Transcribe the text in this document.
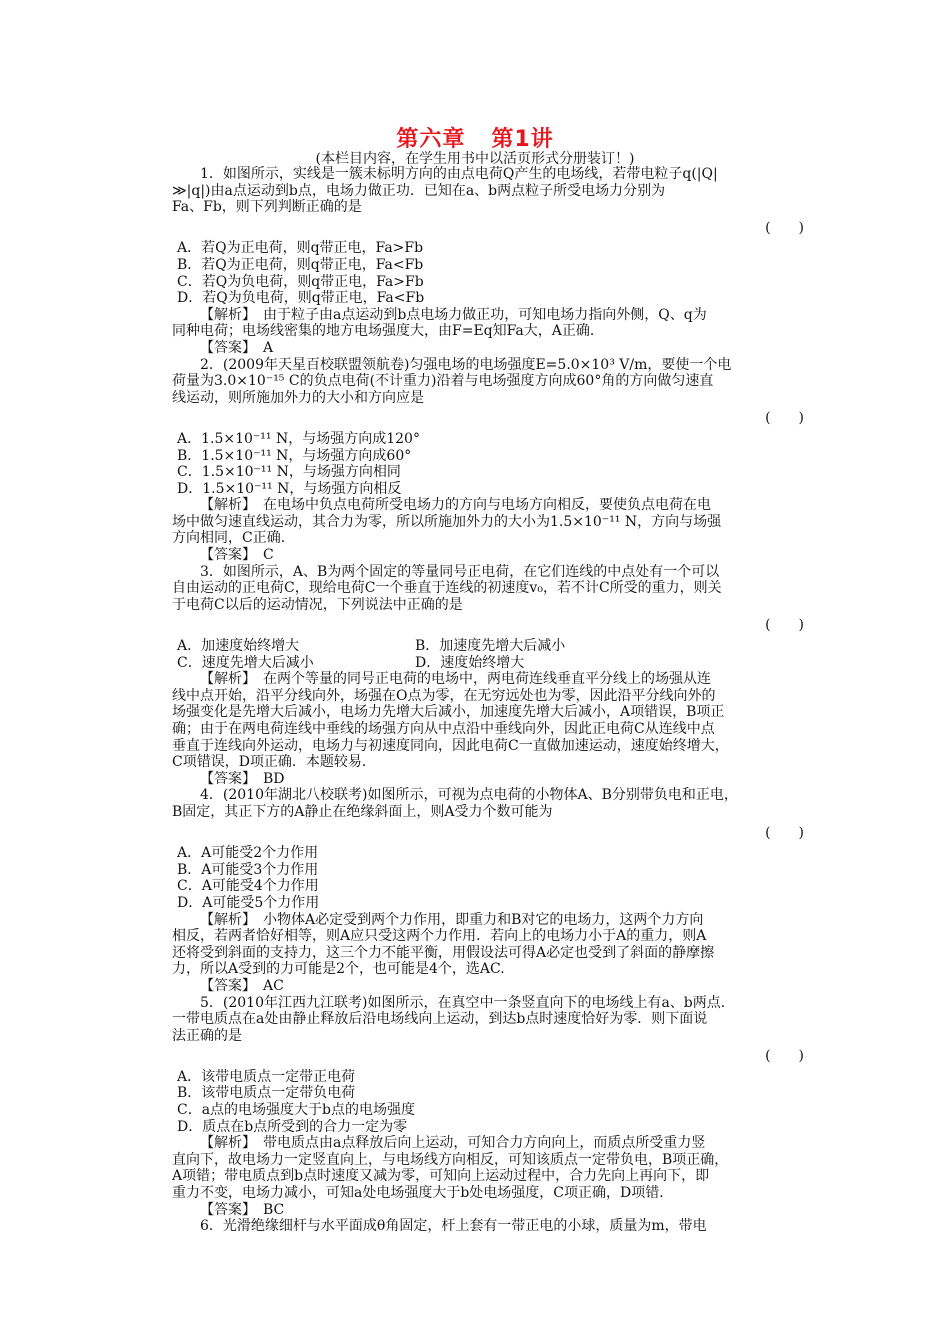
第六章 第1讲
(本栏目内容，在学生用书中以活页形式分册装订！)

1．如图所示，实线是一簇未标明方向的由点电荷Q产生的电场线，若带电粒子q(|Q|

≫|q|)由a点运动到b点，电场力做正功．已知在a、b两点粒子所受电场力分别为

Fa、Fb，则下列判断正确的是

(　　)

A．若Q为正电荷，则q带正电，Fa>Fb

B．若Q为正电荷，则q带正电，Fa<Fb

C．若Q为负电荷，则q带正电，Fa>Fb

D．若Q为负电荷，则q带正电，Fa<Fb

【解析】　由于粒子由a点运动到b点电场力做正功，可知电场力指向外侧，Q、q为

同种电荷；电场线密集的地方电场强度大，由F=Eq知Fa大，A正确．

【答案】　A

2．(2009年天星百校联盟领航卷)匀强电场的电场强度E=5.0×10³ V/m，要使一个电

荷量为3.0×10⁻¹⁵ C的负点电荷(不计重力)沿着与电场强度方向成60°角的方向做匀速直

线运动，则所施加外力的大小和方向应是

(　　)

A．1.5×10⁻¹¹ N，与场强方向成120°

B．1.5×10⁻¹¹ N，与场强方向成60°

C．1.5×10⁻¹¹ N，与场强方向相同

D．1.5×10⁻¹¹ N，与场强方向相反

【解析】　在电场中负点电荷所受电场力的方向与电场方向相反，要使负点电荷在电

场中做匀速直线运动，其合力为零，所以所施加外力的大小为1.5×10⁻¹¹ N，方向与场强

方向相同，C正确．

【答案】　C

3．如图所示，A、B为两个固定的等量同号正电荷，在它们连线的中点处有一个可以

自由运动的正电荷C，现给电荷C一个垂直于连线的初速度v₀，若不计C所受的重力，则关

于电荷C以后的运动情况，下列说法中正确的是

(　　)

A．加速度始终增大	B．加速度先增大后减小
C．速度先增大后减小	D．速度始终增大

【解析】　在两个等量的同号正电荷的电场中，两电荷连线垂直平分线上的场强从连

线中点开始，沿平分线向外，场强在O点为零，在无穷远处也为零，因此沿平分线向外的

场强变化是先增大后减小，电场力先增大后减小，加速度先增大后减小，A项错误，B项正

确；由于在两电荷连线中垂线的场强方向从中点沿中垂线向外，因此正电荷C从连线中点

垂直于连线向外运动，电场力与初速度同向，因此电荷C一直做加速运动，速度始终增大，

C项错误，D项正确．本题较易．

【答案】　BD

4．(2010年湖北八校联考)如图所示，可视为点电荷的小物体A、B分别带负电和正电，

B固定，其正下方的A静止在绝缘斜面上，则A受力个数可能为

(　　)

A．A可能受2个力作用

B．A可能受3个力作用

C．A可能受4个力作用

D．A可能受5个力作用

【解析】　小物体A必定受到两个力作用，即重力和B对它的电场力，这两个力方向

相反，若两者恰好相等，则A应只受这两个力作用．若向上的电场力小于A的重力，则A

还将受到斜面的支持力，这三个力不能平衡，用假设法可得A必定也受到了斜面的静摩擦

力，所以A受到的力可能是2个，也可能是4个，选AC.

【答案】　AC

5．(2010年江西九江联考)如图所示，在真空中一条竖直向下的电场线上有a、b两点．

一带电质点在a处由静止释放后沿电场线向上运动，到达b点时速度恰好为零．则下面说

法正确的是

(　　)

A．该带电质点一定带正电荷

B．该带电质点一定带负电荷

C．a点的电场强度大于b点的电场强度

D．质点在b点所受到的合力一定为零

【解析】　带电质点由a点释放后向上运动，可知合力方向向上，而质点所受重力竖

直向下，故电场力一定竖直向上，与电场线方向相反，可知该质点一定带负电，B项正确，

A项错；带电质点到b点时速度又减为零，可知向上运动过程中，合力先向上再向下，即

重力不变，电场力减小，可知a处电场强度大于b处电场强度，C项正确，D项错．

【答案】　BC

6．光滑绝缘细杆与水平面成θ角固定，杆上套有一带正电的小球，质量为m，带电
